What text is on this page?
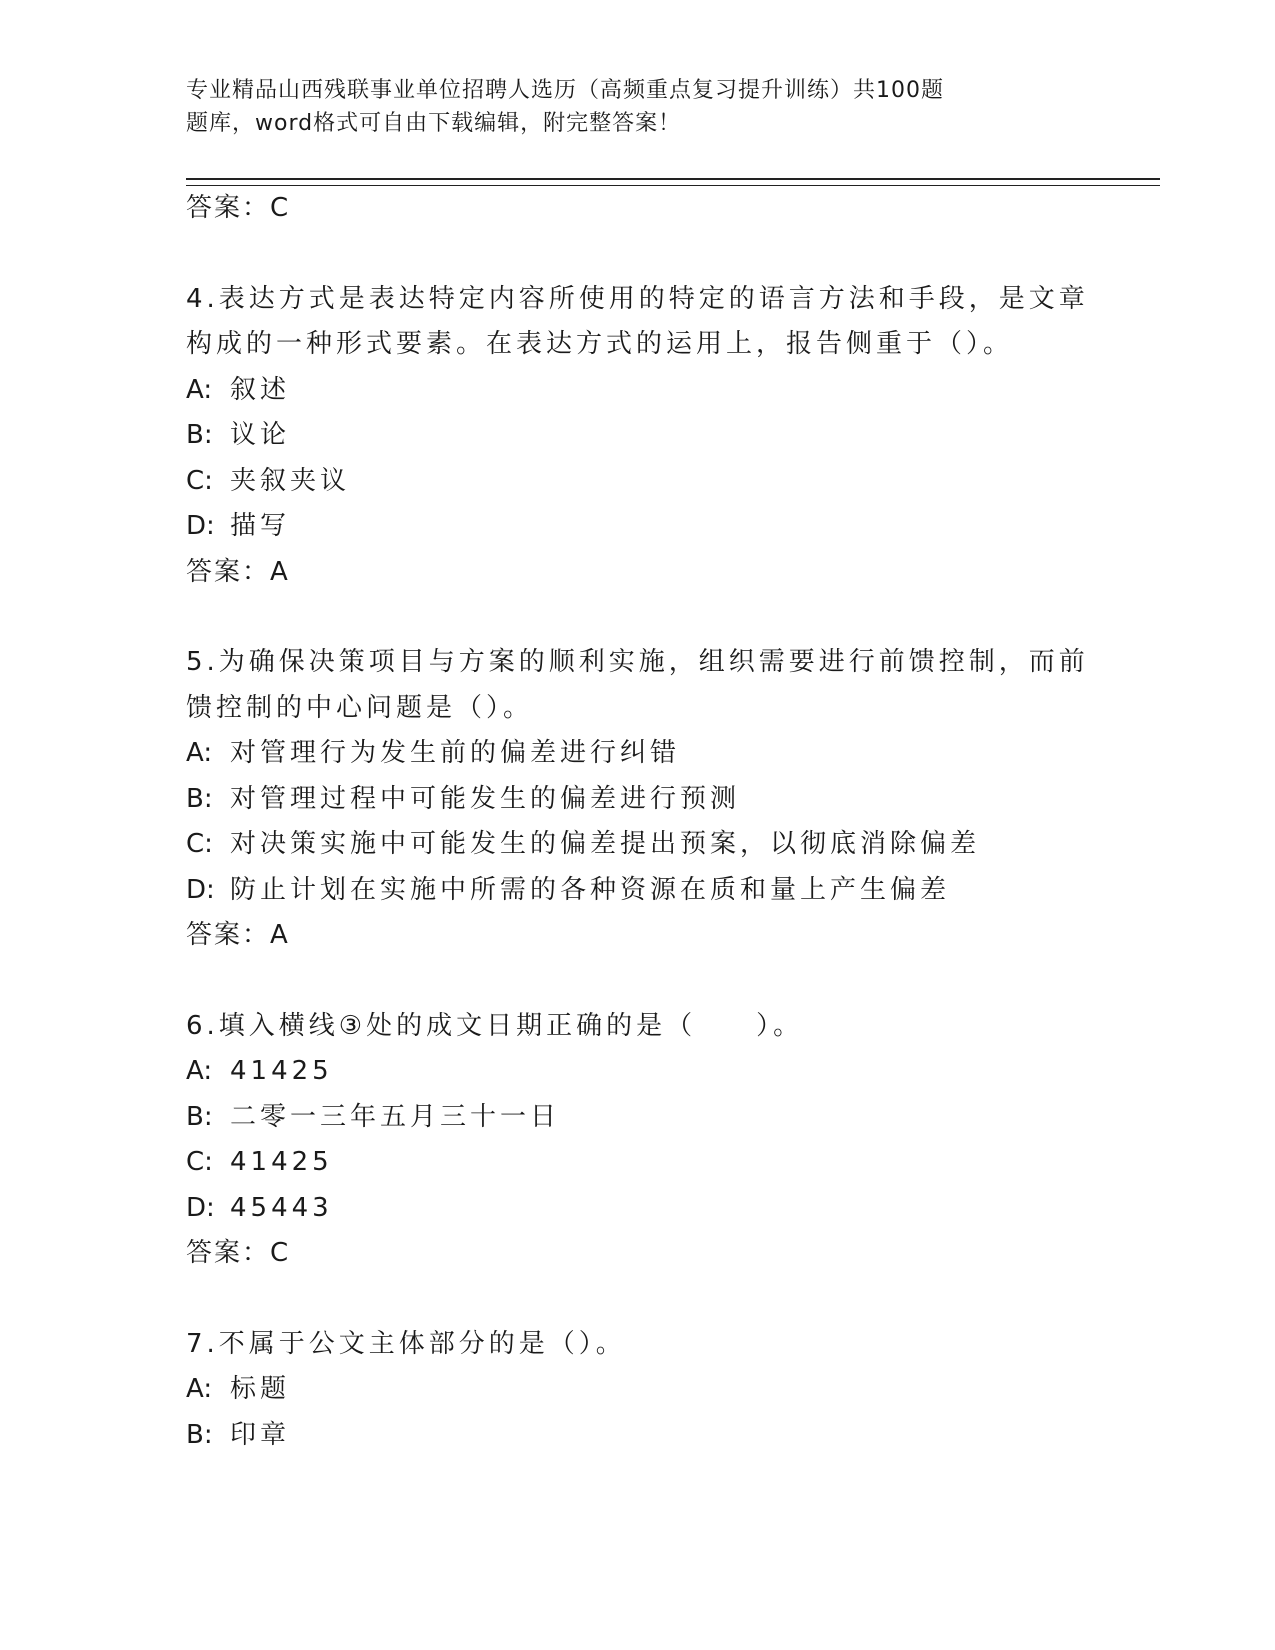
专业精品山西残联事业单位招聘人选历（高频重点复习提升训练）共100题
题库，word格式可自由下载编辑，附完整答案！
答案：C
4.表达方式是表达特定内容所使用的特定的语言方法和手段，是文章
构成的一种形式要素。在表达方式的运用上，报告侧重于（）。
A: 叙述
B: 议论
C: 夹叙夹议
D: 描写
答案：A
5.为确保决策项目与方案的顺利实施，组织需要进行前馈控制，而前
馈控制的中心问题是（）。
A: 对管理行为发生前的偏差进行纠错
B: 对管理过程中可能发生的偏差进行预测
C: 对决策实施中可能发生的偏差提出预案，以彻底消除偏差
D: 防止计划在实施中所需的各种资源在质和量上产生偏差
答案：A
6.填入横线③处的成文日期正确的是（　　）。
A: 41425
B: 二零一三年五月三十一日
C: 41425
D: 45443
答案：C
7.不属于公文主体部分的是（）。
A: 标题
B: 印章
